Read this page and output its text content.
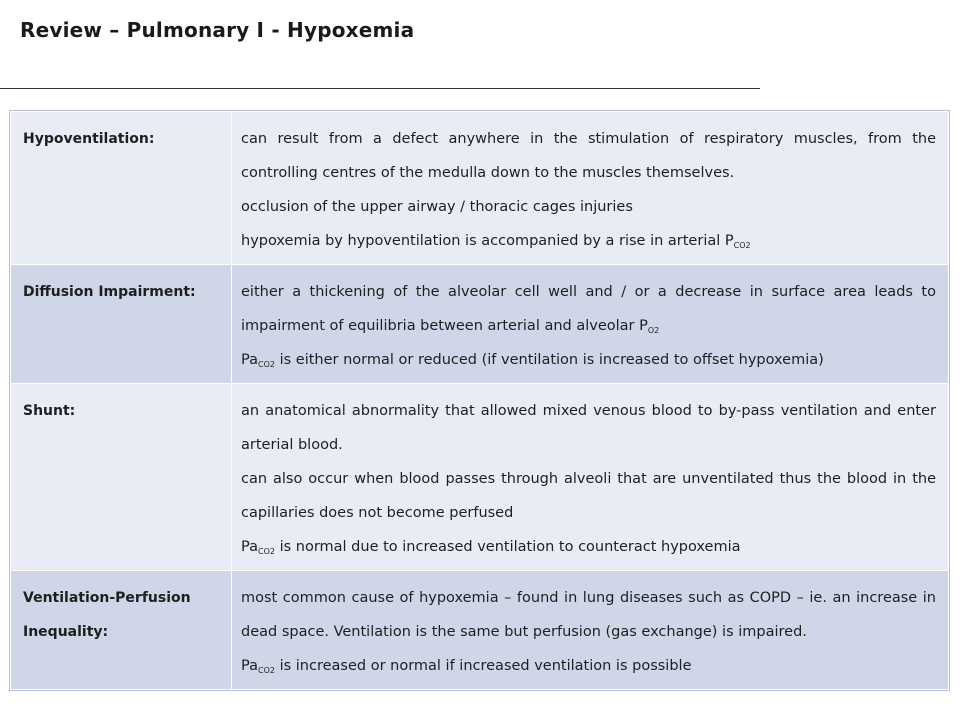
Review – Pulmonary I - Hypoxemia
Hypoventilation:	can result from a defect anywhere in the stimulation of respiratory muscles, from the controlling centres of the medulla down to the muscles themselves.

occlusion of the upper airway / thoracic cages injuries

hypoxemia by hypoventilation is accompanied by a rise in arterial $P_{CO2}$

Diffusion Impairment:	either a thickening of the alveolar cell well and / or a decrease in surface area leads to impairment of equilibria between arterial and alveolar $P_{O2}$

$Pa_{CO2}$ is either normal or reduced (if ventilation is increased to offset hypoxemia)

Shunt:	an anatomical abnormality that allowed mixed venous blood to by-pass ventilation and enter arterial blood.

can also occur when blood passes through alveoli that are unventilated thus the blood in the capillaries does not become perfused

$Pa_{CO2}$ is normal due to increased ventilation to counteract hypoxemia

Ventilation-Perfusion Inequality:	most common cause of hypoxemia – found in lung diseases such as COPD – ie. an increase in dead space. Ventilation is the same but perfusion (gas exchange) is impaired.

$Pa_{CO2}$ is increased or normal if increased ventilation is possible
